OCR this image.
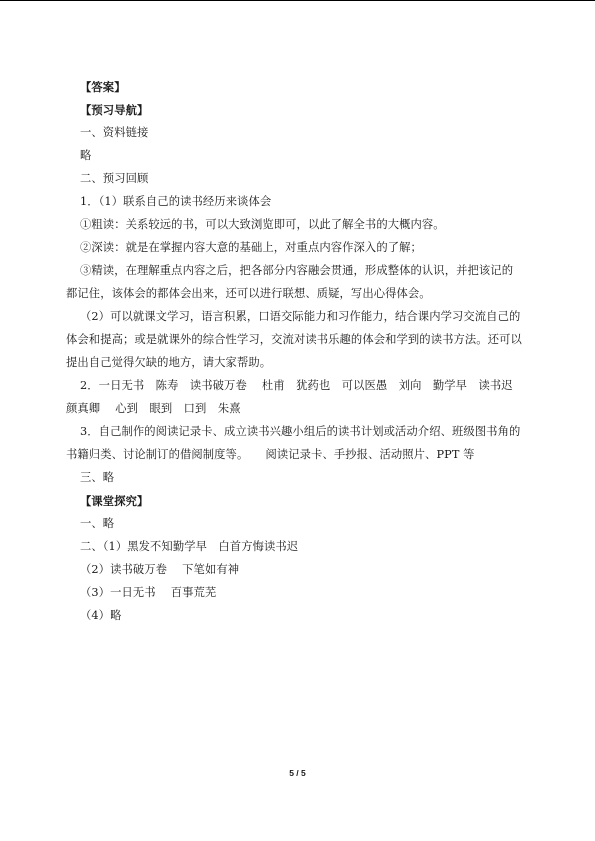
【答案】
【预习导航】
一、资料链接
略
二、预习回顾
1．（1）联系自己的读书经历来谈体会
①粗读：关系较远的书，可以大致浏览即可，以此了解全书的大概内容。
②深读：就是在掌握内容大意的基础上，对重点内容作深入的了解；
③精读，在理解重点内容之后，把各部分内容融会贯通，形成整体的认识，并把该记的
都记住，该体会的都体会出来，还可以进行联想、质疑，写出心得体会。
（2）可以就课文学习，语言积累，口语交际能力和习作能力，结合课内学习交流自己的
体会和提高；或是就课外的综合性学习，交流对读书乐趣的体会和学到的读书方法。还可以
提出自己觉得欠缺的地方，请大家帮助。
2．一日无书　陈寿　读书破万卷　 杜甫　犹药也　可以医愚　刘向　勤学早　读书迟
颜真卿　 心到　眼到　口到　朱熹
3．自己制作的阅读记录卡、成立读书兴趣小组后的读书计划或活动介绍、班级图书角的
书籍归类、讨论制订的借阅制度等。　　阅读记录卡、手抄报、活动照片、PPT 等
三、略
【课堂探究】
一、略
二、（1）黑发不知勤学早　白首方悔读书迟
（2）读书破万卷　 下笔如有神
（3）一日无书　 百事荒芜
（4）略
5 / 5
